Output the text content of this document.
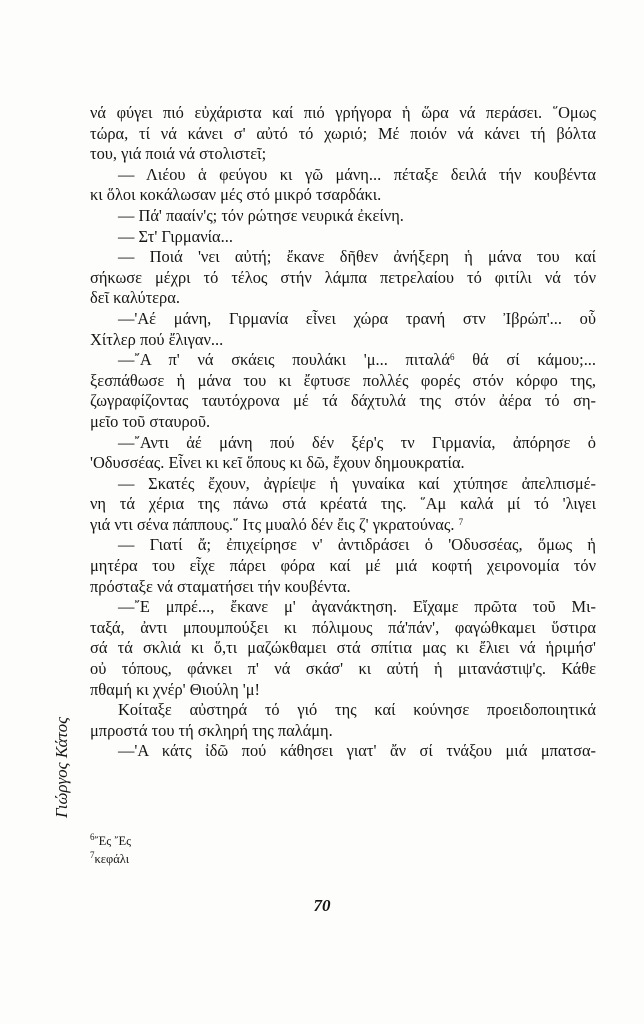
νά φύγει πιό εὐχάριστα καί πιό γρήγορα ἡ ὥρα νά περάσει. ῞Ομως
τώρα, τί νά κάνει σ' αὐτό τό χωριό; Μέ ποιόν νά κάνει τή βόλτα
του, γιά ποιά νά στολιστεῖ;
— Λιέου ἁ φεύγου κι γῶ μάνη... πέταξε δειλά τήν κουβέντα
κι ὅλοι κοκάλωσαν μές στό μικρό τσαρδάκι.
— Πά' πααίν'ς; τόν ρώτησε νευρικά ἐκείνη.
— Στ' Γιρμανία...
— Ποιά 'νει αὐτή; ἔκανε δῆθεν ἀνήξερη ἡ μάνα του καί
σήκωσε μέχρι τό τέλος στήν λάμπα πετρελαίου τό φιτίλι νά τόν
δεῖ καλύτερα.
—'Αέ μάνη, Γιρμανία εἶνει χώρα τρανή στν Ἰβρώπ'... οὗ
Χίτλερ πού ἔλιγαν...
—῎Α π' νά σκάεις πουλάκι 'μ... πιταλά$^6$ θά σί κάμου;...
ξεσπάθωσε ἡ μάνα του κι ἔφτυσε πολλές φορές στόν κόρφο της,
ζωγραφίζοντας ταυτόχρονα μέ τά δάχτυλά της στόν ἀέρα τό ση-
μεῖο τοῦ σταυροῦ.
—῎Αντι ἀέ μάνη πού δέν ξέρ'ς τν Γιρμανία, ἀπόρησε ὁ
'Οδυσσέας. Εἶνει κι κεῖ ὅπους κι δῶ, ἔχουν δημουκρατία.
— Σκατές ἔχουν, ἀγρίεψε ἡ γυναίκα καί χτύπησε ἀπελπισμέ-
νη τά χέρια της πάνω στά κρέατά της. ῞Αμ καλά μί τό 'λιγει
γιά ντι σένα πάππους.῞ Ιτς μυαλό δέν ἔις ζ' γκρατούνας. $^7$
— Γιατί ἄ; ἐπιχείρησε ν' ἀντιδράσει ὁ 'Οδυσσέας, ὅμως ἡ
μητέρα του εἶχε πάρει φόρα καί μέ μιά κοφτή χειρονομία τόν
πρόσταξε νά σταματήσει τήν κουβέντα.
—῎Ε μπρέ..., ἔκανε μ' ἀγανάκτηση. Εἴχαμε πρῶτα τοῦ Μι-
ταξά, ἀντι μπουμπούξει κι πόλιμους πά'πάν', φαγώθκαμει ὕστιρα
σά τά σκλιά κι ὅ,τι μαζώκθαμει στά σπίτια μας κι ἔλιει νά ἡριμήσ'
οὐ τόπους, φάνκει π' νά σκάσ' κι αὐτή ἡ μιτανάστιψ'ς. Κάθε
πθαμή κι χνέρ' Θιούλη 'μ!
Κοίταξε αὐστηρά τό γιό της καί κούνησε προειδοποιητικά
μπροστά του τή σκληρή της παλάμη.
—'Α κάτς ἰδῶ πού κάθησει γιατ' ἄν σί τνάξου μιά μπατσα-
Γιώργος Κάτος
$^6$῎Ες ῎Ες
$^7$κεφάλι
70
